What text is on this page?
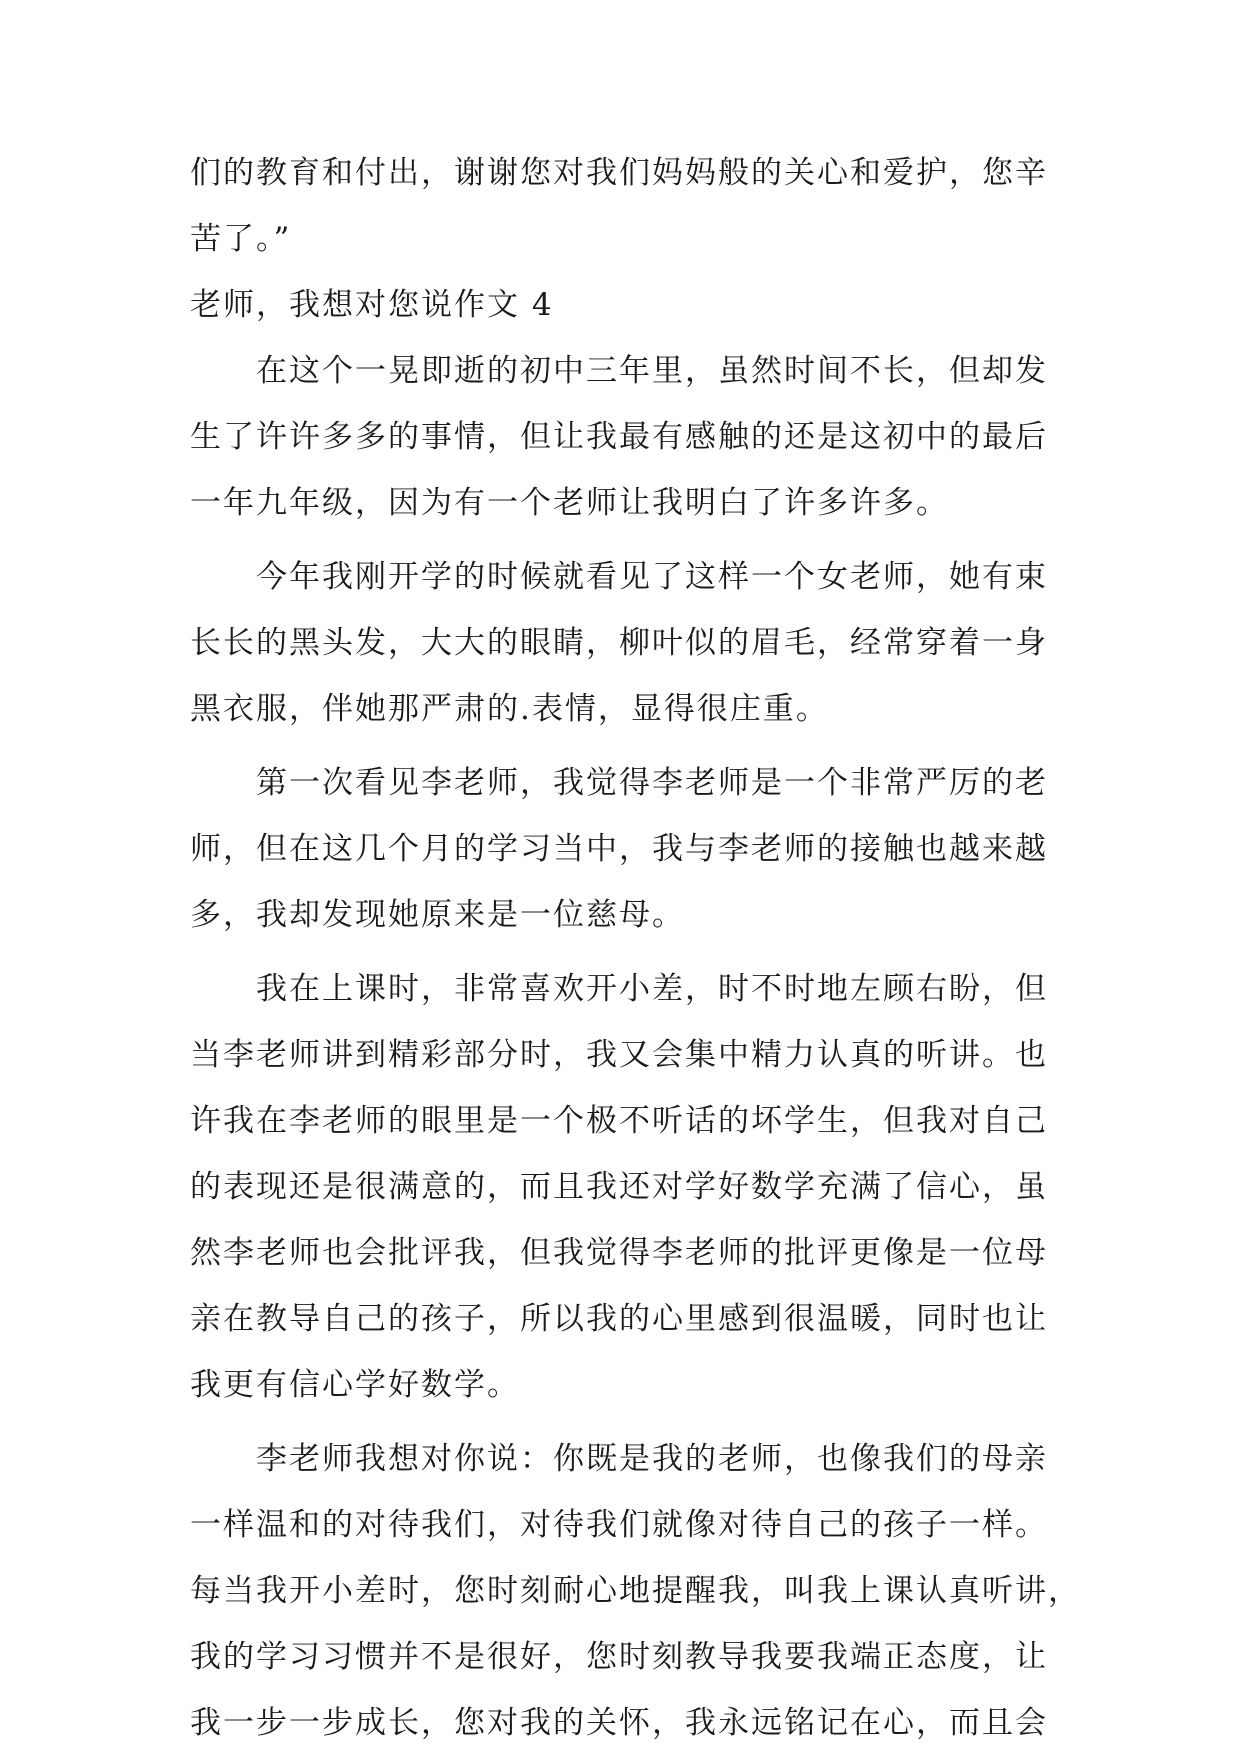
们的教育和付出，谢谢您对我们妈妈般的关心和爱护，您辛
苦了。”
老师，我想对您说作文 4
在这个一晃即逝的初中三年里，虽然时间不长，但却发
生了许许多多的事情，但让我最有感触的还是这初中的最后
一年九年级，因为有一个老师让我明白了许多许多。
今年我刚开学的时候就看见了这样一个女老师，她有束
长长的黑头发，大大的眼睛，柳叶似的眉毛，经常穿着一身
黑衣服，伴她那严肃的.表情，显得很庄重。
第一次看见李老师，我觉得李老师是一个非常严厉的老
师，但在这几个月的学习当中，我与李老师的接触也越来越
多，我却发现她原来是一位慈母。
我在上课时，非常喜欢开小差，时不时地左顾右盼，但
当李老师讲到精彩部分时，我又会集中精力认真的听讲。也
许我在李老师的眼里是一个极不听话的坏学生，但我对自己
的表现还是很满意的，而且我还对学好数学充满了信心，虽
然李老师也会批评我，但我觉得李老师的批评更像是一位母
亲在教导自己的孩子，所以我的心里感到很温暖，同时也让
我更有信心学好数学。
李老师我想对你说：你既是我的老师，也像我们的母亲
一样温和的对待我们，对待我们就像对待自己的孩子一样。
每当我开小差时，您时刻耐心地提醒我，叫我上课认真听讲，
我的学习习惯并不是很好，您时刻教导我要我端正态度，让
我一步一步成长，您对我的关怀，我永远铭记在心，而且会
